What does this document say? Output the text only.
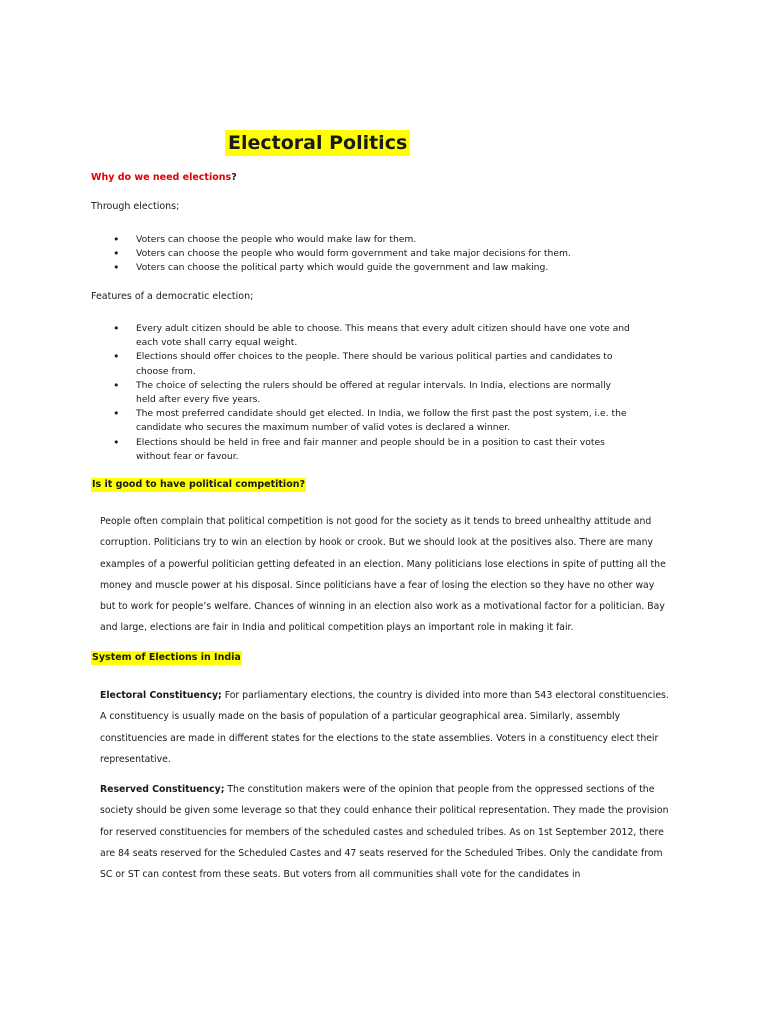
Electoral Politics
Why do we need elections?
Through elections;
• Voters can choose the people who would make law for them.
• Voters can choose the people who would form government and take major decisions for them.
• Voters can choose the political party which would guide the government and law making.
Features of a democratic election;
• Every adult citizen should be able to choose. This means that every adult citizen should have one vote and each vote shall carry equal weight.
• Elections should offer choices to the people. There should be various political parties and candidates to choose from.
• The choice of selecting the rulers should be offered at regular intervals. In India, elections are normally held after every five years.
• The most preferred candidate should get elected. In India, we follow the first past the post system, i.e. the candidate who secures the maximum number of valid votes is declared a winner.
• Elections should be held in free and fair manner and people should be in a position to cast their votes without fear or favour.
Is it good to have political competition?

People often complain that political competition is not good for the society as it tends to breed unhealthy attitude and corruption. Politicians try to win an election by hook or crook. But we should look at the positives also. There are many examples of a powerful politician getting defeated in an election. Many politicians lose elections in spite of putting all the money and muscle power at his disposal. Since politicians have a fear of losing the election so they have no other way but to work for people’s welfare. Chances of winning in an election also work as a motivational factor for a politician. Bay and large, elections are fair in India and political competition plays an important role in making it fair.

System of Elections in India

Electoral Constituency; For parliamentary elections, the country is divided into more than 543 electoral constituencies. A constituency is usually made on the basis of population of a particular geographical area. Similarly, assembly constituencies are made in different states for the elections to the state assemblies. Voters in a constituency elect their representative.

Reserved Constituency; The constitution makers were of the opinion that people from the oppressed sections of the society should be given some leverage so that they could enhance their political representation. They made the provision for reserved constituencies for members of the scheduled castes and scheduled tribes. As on 1st September 2012, there are 84 seats reserved for the Scheduled Castes and 47 seats reserved for the Scheduled Tribes. Only the candidate from SC or ST can contest from these seats. But voters from all communities shall vote for the candidates in
